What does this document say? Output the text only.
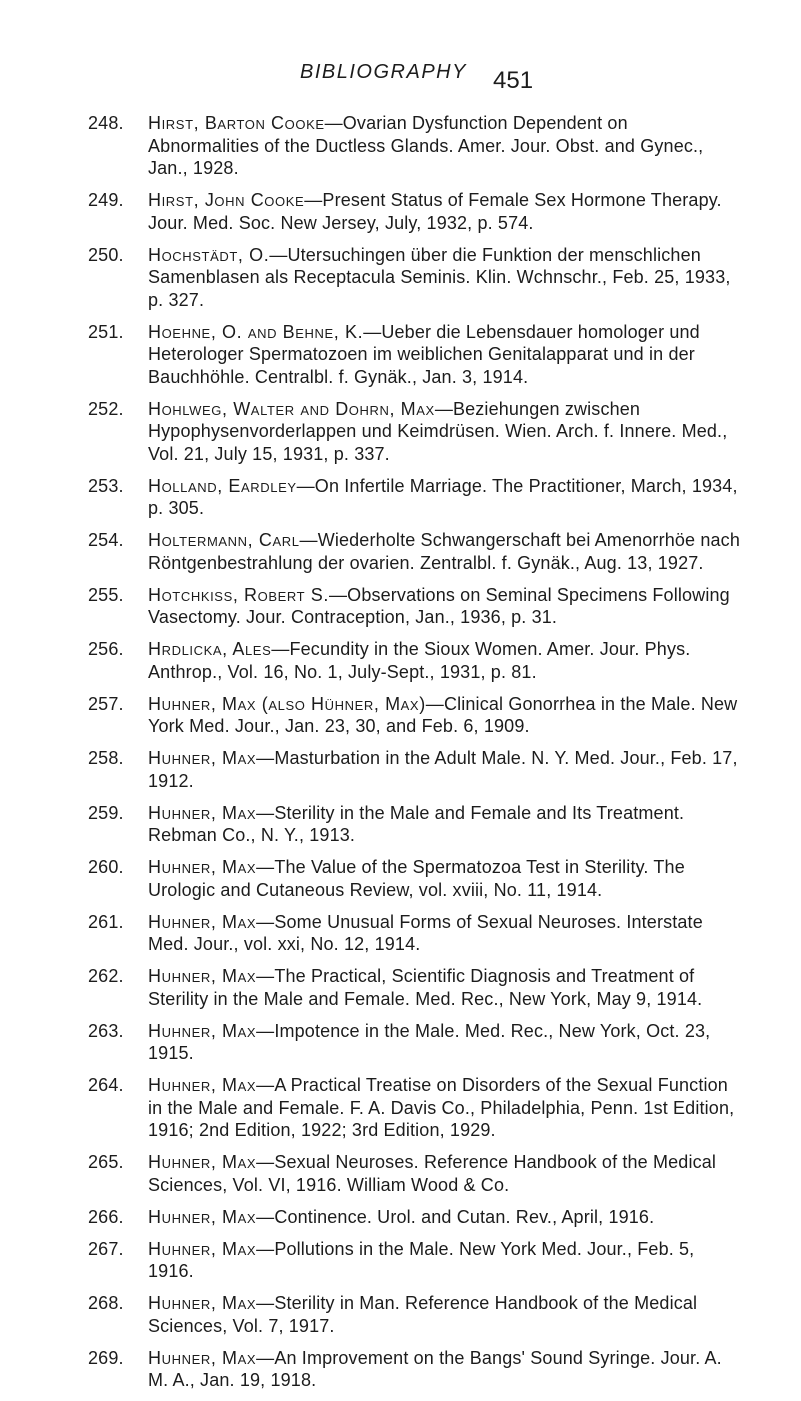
BIBLIOGRAPHY 451
248. Hirst, Barton Cooke—Ovarian Dysfunction Dependent on Abnormalities of the Ductless Glands. Amer. Jour. Obst. and Gynec., Jan., 1928.
249. Hirst, John Cooke—Present Status of Female Sex Hormone Therapy. Jour. Med. Soc. New Jersey, July, 1932, p. 574.
250. Hochstädt, O.—Utersuchingen über die Funktion der menschlichen Samenblasen als Receptacula Seminis. Klin. Wchnschr., Feb. 25, 1933, p. 327.
251. Hoehne, O. and Behne, K.—Ueber die Lebensdauer homologer und Heterologer Spermatozoen im weiblichen Genitalapparat und in der Bauchhöhle. Centralbl. f. Gynäk., Jan. 3, 1914.
252. Hohlweg, Walter and Dohrn, Max—Beziehungen zwischen Hypophysenvorderlappen und Keimdrüsen. Wien. Arch. f. Innere. Med., Vol. 21, July 15, 1931, p. 337.
253. Holland, Eardley—On Infertile Marriage. The Practitioner, March, 1934, p. 305.
254. Holtermann, Carl—Wiederholte Schwangerschaft bei Amenorrhöe nach Röntgenbestrahlung der ovarien. Zentralbl. f. Gynäk., Aug. 13, 1927.
255. Hotchkiss, Robert S.—Observations on Seminal Specimens Following Vasectomy. Jour. Contraception, Jan., 1936, p. 31.
256. Hrdlicka, Ales—Fecundity in the Sioux Women. Amer. Jour. Phys. Anthrop., Vol. 16, No. 1, July-Sept., 1931, p. 81.
257. Huhner, Max (also Hühner, Max)—Clinical Gonorrhea in the Male. New York Med. Jour., Jan. 23, 30, and Feb. 6, 1909.
258. Huhner, Max—Masturbation in the Adult Male. N. Y. Med. Jour., Feb. 17, 1912.
259. Huhner, Max—Sterility in the Male and Female and Its Treatment. Rebman Co., N. Y., 1913.
260. Huhner, Max—The Value of the Spermatozoa Test in Sterility. The Urologic and Cutaneous Review, vol. xviii, No. 11, 1914.
261. Huhner, Max—Some Unusual Forms of Sexual Neuroses. Interstate Med. Jour., vol. xxi, No. 12, 1914.
262. Huhner, Max—The Practical, Scientific Diagnosis and Treatment of Sterility in the Male and Female. Med. Rec., New York, May 9, 1914.
263. Huhner, Max—Impotence in the Male. Med. Rec., New York, Oct. 23, 1915.
264. Huhner, Max—A Practical Treatise on Disorders of the Sexual Function in the Male and Female. F. A. Davis Co., Philadelphia, Penn. 1st Edition, 1916; 2nd Edition, 1922; 3rd Edition, 1929.
265. Huhner, Max—Sexual Neuroses. Reference Handbook of the Medical Sciences, Vol. VI, 1916. William Wood & Co.
266. Huhner, Max—Continence. Urol. and Cutan. Rev., April, 1916.
267. Huhner, Max—Pollutions in the Male. New York Med. Jour., Feb. 5, 1916.
268. Huhner, Max—Sterility in Man. Reference Handbook of the Medical Sciences, Vol. 7, 1917.
269. Huhner, Max—An Improvement on the Bangs' Sound Syringe. Jour. A. M. A., Jan. 19, 1918.
